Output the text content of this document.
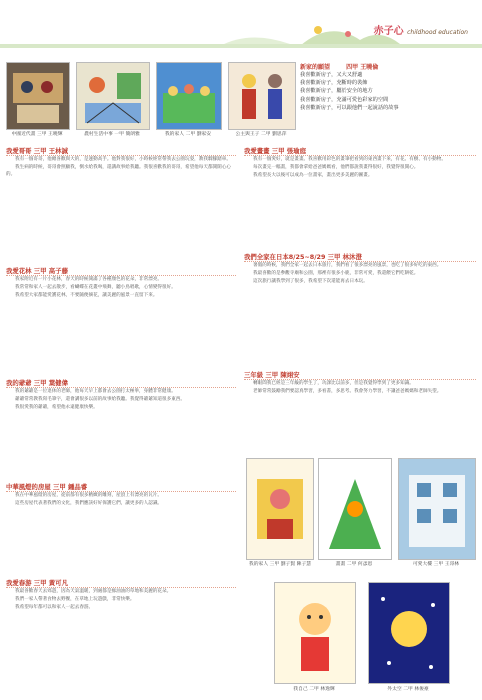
赤子心 childhood education
中國近代畫 三甲 王曉輝	農村生活中事 一甲 簡朗雅	我的家人 二甲 劉家安	公主與王子 二甲 劉思萍
新家的願望	四甲 王曉倫
我喜歡新房子，又大又舒適
我喜歡新房子，充斷時的裝飾
我喜歡新房子，屬於安全的地方
我喜歡新房子，充滿可愛色彩家的空間
我喜歡新房子，可以跟他們一起說話的故事
我愛哥哥 三甲 王林誠

我有一個哥哥，他總喜歡與大的，是運動高手。他對我很好，小時候經常帶我去公園玩耍，教我騎腳踏車。

我生病的時候，哥哥會照顧我，倒水給我喝，還講故事給我聽。我很喜歡我的哥哥，希望他每天都開開心心的。

我愛花林 三甲 高子藤

我家附近有一片小花林，春天的時候開滿了各種顏色的花朵，非常漂亮。

我常常和家人一起去散步，看蝴蝶在花叢中飛舞，聽小鳥唱歌，心情變得很好。

我希望大家都能愛護花林，不要隨便摘花，讓美麗的風景一直留下來。

我的爺爺 三甲 葉健偉

我的爺爺是一位退休的老師，他每天早上都會去公園打太極拳，身體非常健康。

爺爺常常教我寫毛筆字，還會講很多以前的故事給我聽。我覺得爺爺知道很多東西。

我很愛我的爺爺，希望他永遠健康快樂。

中華風燈的房屋 三甲 鍾品睿

我在中華風燈的房屋，從前都有很多精緻的雕刻，屋頂上有漂亮的瓦片。

這些房屋代表著我們的文化，我們應該好好保護它們，讓更多的人認識。

我愛春游 三甲 黃可凡

我最喜歡春天去郊遊，因為天氣溫暖，到處都是綠油油的草地和美麗的花朵。

我們一家人帶著食物去野餐，在草地上玩遊戲，非常快樂。

我希望每年都可以和家人一起去春游。

我愛畫畫 三甲 張瑜庭

我有一個愛好，就是畫畫。我喜歡用彩色的畫筆把看到的東西畫下來，有花、有樹、有小動物。

每次畫完一幅畫，我都會拿給爸爸媽媽看，他們都說我畫得很好，我覺得很開心。

我希望長大以後可以成為一位畫家，畫出更多美麗的圖畫。

我們全家在日本8/25~8/29 三甲 林沐澄

暑假的時候，我們全家一起去日本旅行，我們看了很多漂亮的風景，也吃了很多好吃的東西。

我最喜歡的是參觀寺廟和公園，那裡有很多小鹿，非常可愛，我還餵它們吃餅乾。

這次旅行讓我學到了很多，我希望下次還能再去日本玩。

三年級 三甲 陳翊安

轉眼間我已經是三年級的學生了，功課比以前多，但是我覺得學到了更多知識。

老師常常鼓勵我們要認真學習，多看書，多思考。我會努力學習，不讓爸爸媽媽和老師失望。

我的家人 三甲 劉子賢 陳子慧	畫畫 二甲 何彥恩	可愛大樓 三甲 王哥林
我自己 二甲 林逸輝	外太空 二甲 林俊豪
